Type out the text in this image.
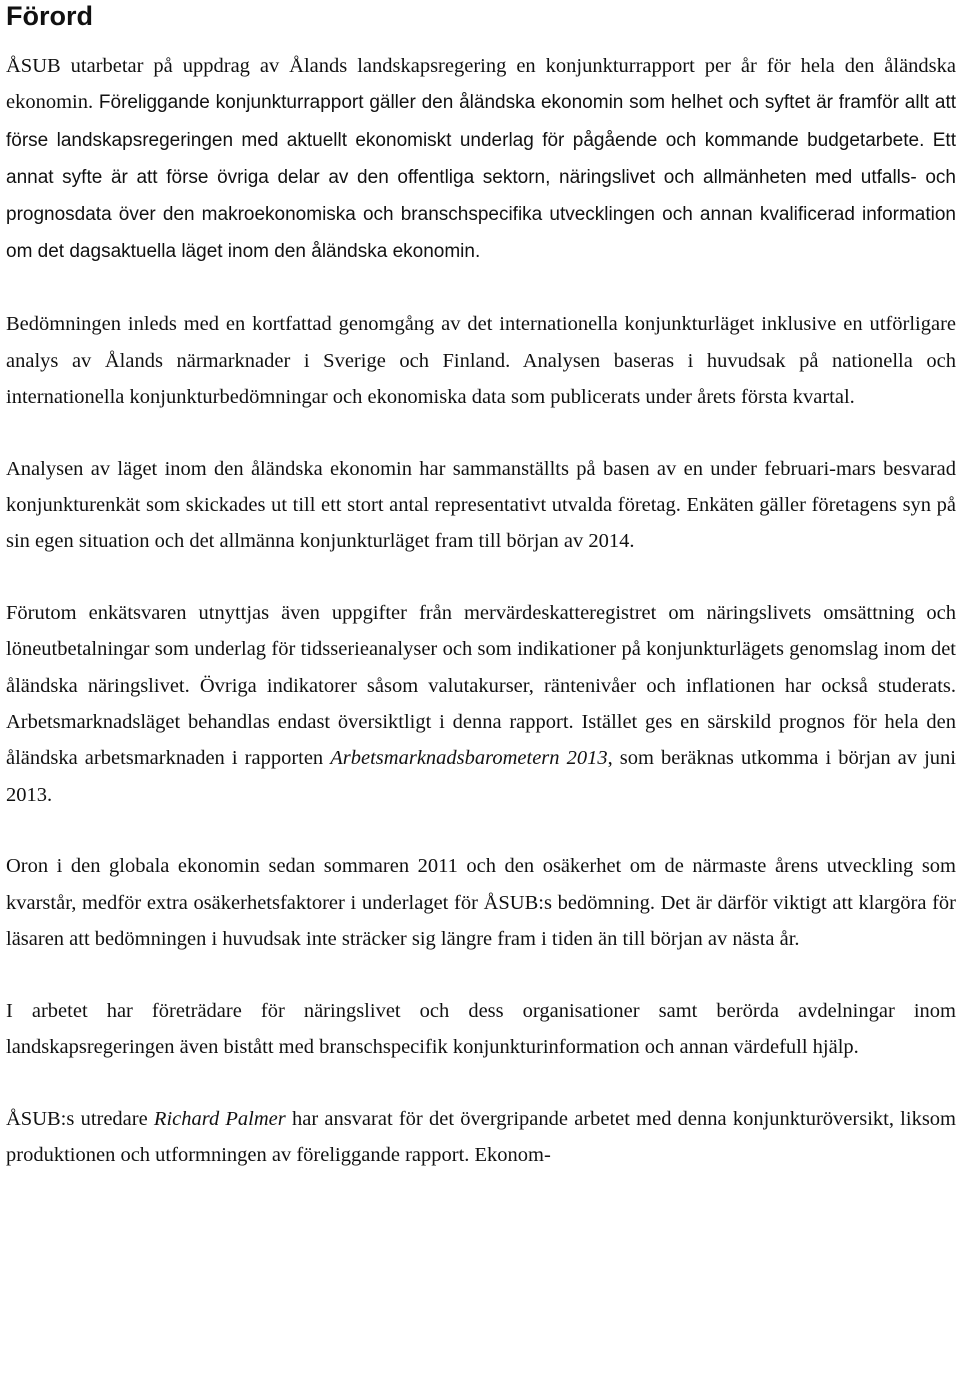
Förord

ÅSUB utarbetar på uppdrag av Ålands landskapsregering en konjunkturrapport per år för hela den åländska ekonomin. Föreliggande konjunkturrapport gäller den åländska ekonomin som helhet och syftet är framför allt att förse landskapsregeringen med aktuellt ekonomiskt underlag för pågående och kommande budgetarbete. Ett annat syfte är att förse övriga delar av den offentliga sektorn, näringslivet och allmänheten med utfalls- och prognosdata över den makroekonomiska och branschspecifika utvecklingen och annan kvalificerad information om det dagsaktuella läget inom den åländska ekonomin.

Bedömningen inleds med en kortfattad genomgång av det internationella konjunkturläget inklusive en utförligare analys av Ålands närmarknader i Sverige och Finland. Analysen baseras i huvudsak på nationella och internationella konjunkturbedömningar och ekonomiska data som publicerats under årets första kvartal.

Analysen av läget inom den åländska ekonomin har sammanställts på basen av en under februari-mars besvarad konjunkturenkät som skickades ut till ett stort antal representativt utvalda företag. Enkäten gäller företagens syn på sin egen situation och det allmänna konjunkturläget fram till början av 2014.

Förutom enkätsvaren utnyttjas även uppgifter från mervärdeskatteregistret om näringslivets omsättning och löneutbetalningar som underlag för tidsserieanalyser och som indikationer på konjunkturlägets genomslag inom det åländska näringslivet. Övriga indikatorer såsom valutakurser, räntenivåer och inflationen har också studerats. Arbetsmarknadsläget behandlas endast översiktligt i denna rapport. Istället ges en särskild prognos för hela den åländska arbetsmarknaden i rapporten Arbetsmarknadsbarometern 2013, som beräknas utkomma i början av juni 2013.

Oron i den globala ekonomin sedan sommaren 2011 och den osäkerhet om de närmaste årens utveckling som kvarstår, medför extra osäkerhetsfaktorer i underlaget för ÅSUB:s bedömning. Det är därför viktigt att klargöra för läsaren att bedömningen i huvudsak inte sträcker sig längre fram i tiden än till början av nästa år.

I arbetet har företrädare för näringslivet och dess organisationer samt berörda avdelningar inom landskapsregeringen även bistått med branschspecifik konjunkturinformation och annan värdefull hjälp.

ÅSUB:s utredare Richard Palmer har ansvarat för det övergripande arbetet med denna konjunkturöversikt, liksom produktionen och utformningen av föreliggande rapport. Ekonom-
